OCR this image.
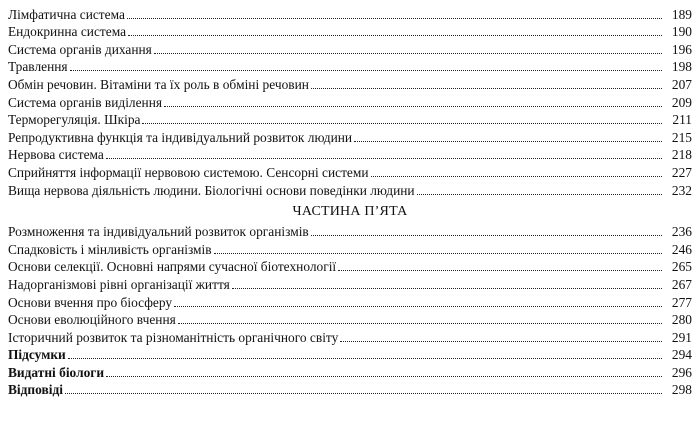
Лімфатична система	189
Ендокринна система	190
Система органів дихання	196
Травлення	198
Обмін речовин. Вітаміни та їх роль в обміні речовин	207
Система органів виділення	209
Терморегуляція. Шкіра	211
Репродуктивна функція та індивідуальний розвиток людини	215
Нервова система	218
Сприйняття інформації нервовою системою. Сенсорні системи	227
Вища нервова діяльність людини. Біологічні основи поведінки людини	232
ЧАСТИНА П’ЯТА
Розмноження та індивідуальний розвиток організмів	236
Спадковість і мінливість організмів	246
Основи селекції. Основні напрями сучасної біотехнології	265
Надорганізмові рівні організації життя	267
Основи вчення про біосферу	277
Основи еволюційного вчення	280
Історичний розвиток та різноманітність органічного світу	291
Підсумки	294
Видатні біологи	296
Відповіді	298
